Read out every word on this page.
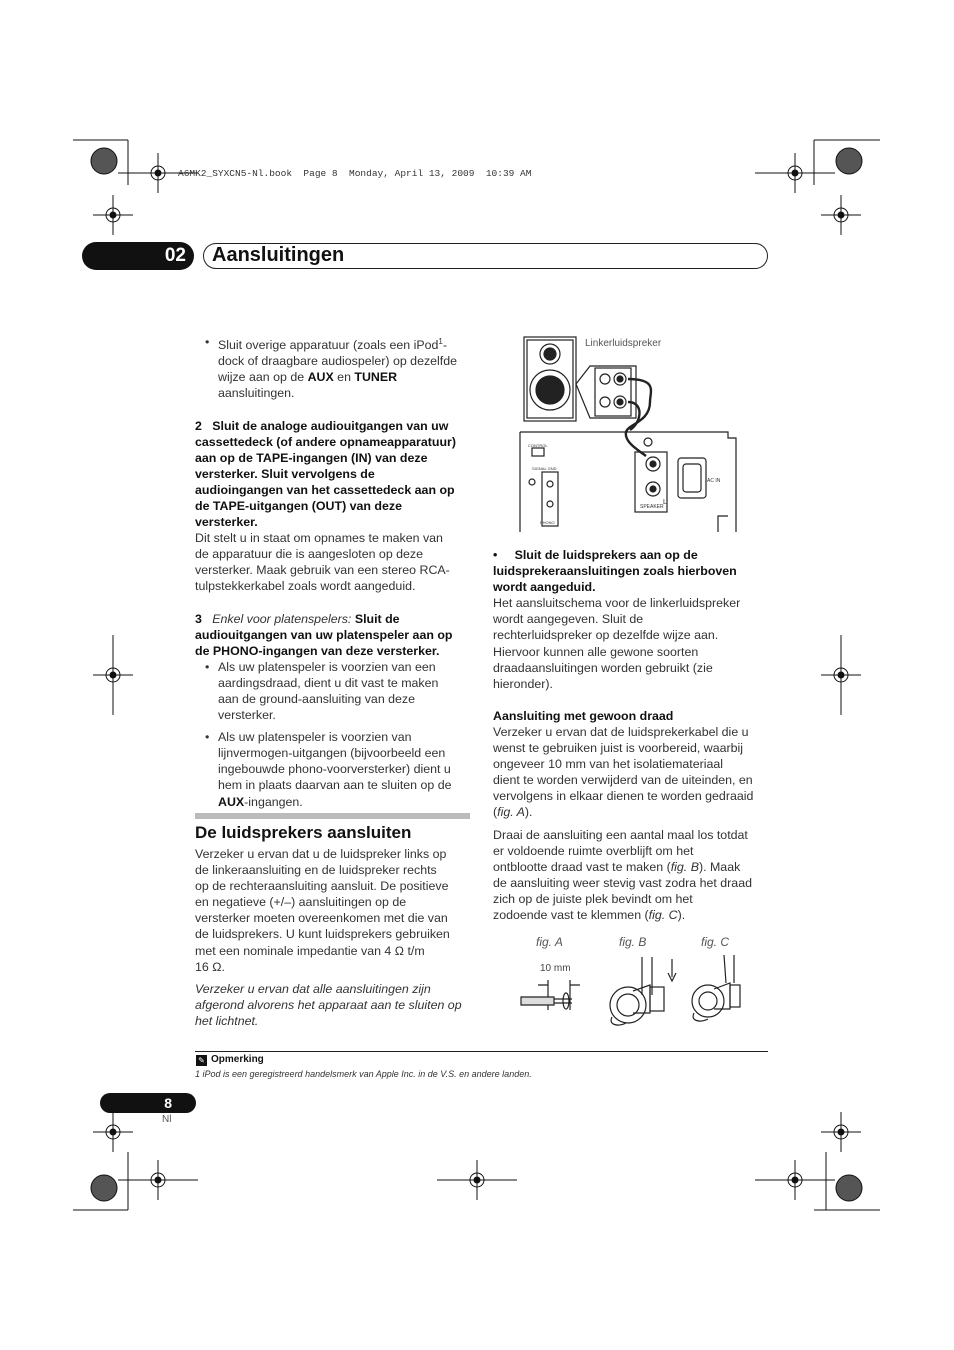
A6MK2_SYXCN5-Nl.book  Page 8  Monday, April 13, 2009  10:39 AM
02	Aansluitingen

• Sluit overige apparatuur (zoals een iPod$^1$-

dock of draagbare audiospeler) op dezelfde

wijze aan op de AUX en TUNER

aansluitingen.

2 Sluit de analoge audiouitgangen van uw

cassettedeck (of andere opnameapparatuur)

aan op de TAPE-ingangen (IN) van deze

versterker. Sluit vervolgens de

audioingangen van het cassettedeck aan op

de TAPE-uitgangen (OUT) van deze

versterker.

Dit stelt u in staat om opnames te maken van

de apparatuur die is aangesloten op deze

versterker. Maak gebruik van een stereo RCA-

tulpstekkerkabel zoals wordt aangeduid.

3 Enkel voor platenspelers: Sluit de

audiouitgangen van uw platenspeler aan op

de PHONO-ingangen van deze versterker.

• Als uw platenspeler is voorzien van een

aardingsdraad, dient u dit vast te maken

aan de ground-aansluiting van deze

versterker.

• Als uw platenspeler is voorzien van

lijnvermogen-uitgangen (bijvoorbeeld een

ingebouwde phono-voorversterker) dient u

hem in plaats daarvan aan te sluiten op de

AUX-ingangen.

De luidsprekers aansluiten

Verzeker u ervan dat u de luidspreker links op

de linkeraansluiting en de luidspreker rechts

op de rechteraansluiting aansluit. De positieve

en negatieve (+/–) aansluitingen op de

versterker moeten overeenkomen met die van

de luidsprekers. U kunt luidsprekers gebruiken

met een nominale impedantie van 4 Ω t/m

16 Ω.

Verzeker u ervan dat alle aansluitingen zijn

afgerond alvorens het apparaat aan te sluiten op

het lichtnet.

Linkerluidspreker
CONTROL
SIGNAL GND
PHONO
SPEAKER
L
AC IN

•     Sluit de luidsprekers aan op de

luidsprekeraansluitingen zoals hierboven

wordt aangeduid.

Het aansluitschema voor de linkerluidspreker

wordt aangegeven. Sluit de

rechterluidspreker op dezelfde wijze aan.

Hiervoor kunnen alle gewone soorten

draadaansluitingen worden gebruikt (zie

hieronder).

Aansluiting met gewoon draad

Verzeker u ervan dat de luidsprekerkabel die u

wenst te gebruiken juist is voorbereid, waarbij

ongeveer 10 mm van het isolatiemateriaal

dient te worden verwijderd van de uiteinden, en

vervolgens in elkaar dienen te worden gedraaid

(fig. A).

Draai de aansluiting een aantal maal los totdat

er voldoende ruimte overblijft om het

ontblootte draad vast te maken (fig. B). Maak

de aansluiting weer stevig vast zodra het draad

zich op de juiste plek bevindt om het

zodoende vast te klemmen (fig. C).

fig. A	fig. B	fig. C
10 mm
✎ Opmerking
1 iPod is een geregistreerd handelsmerk van Apple Inc. in de V.S. en andere landen.
8
Nl
